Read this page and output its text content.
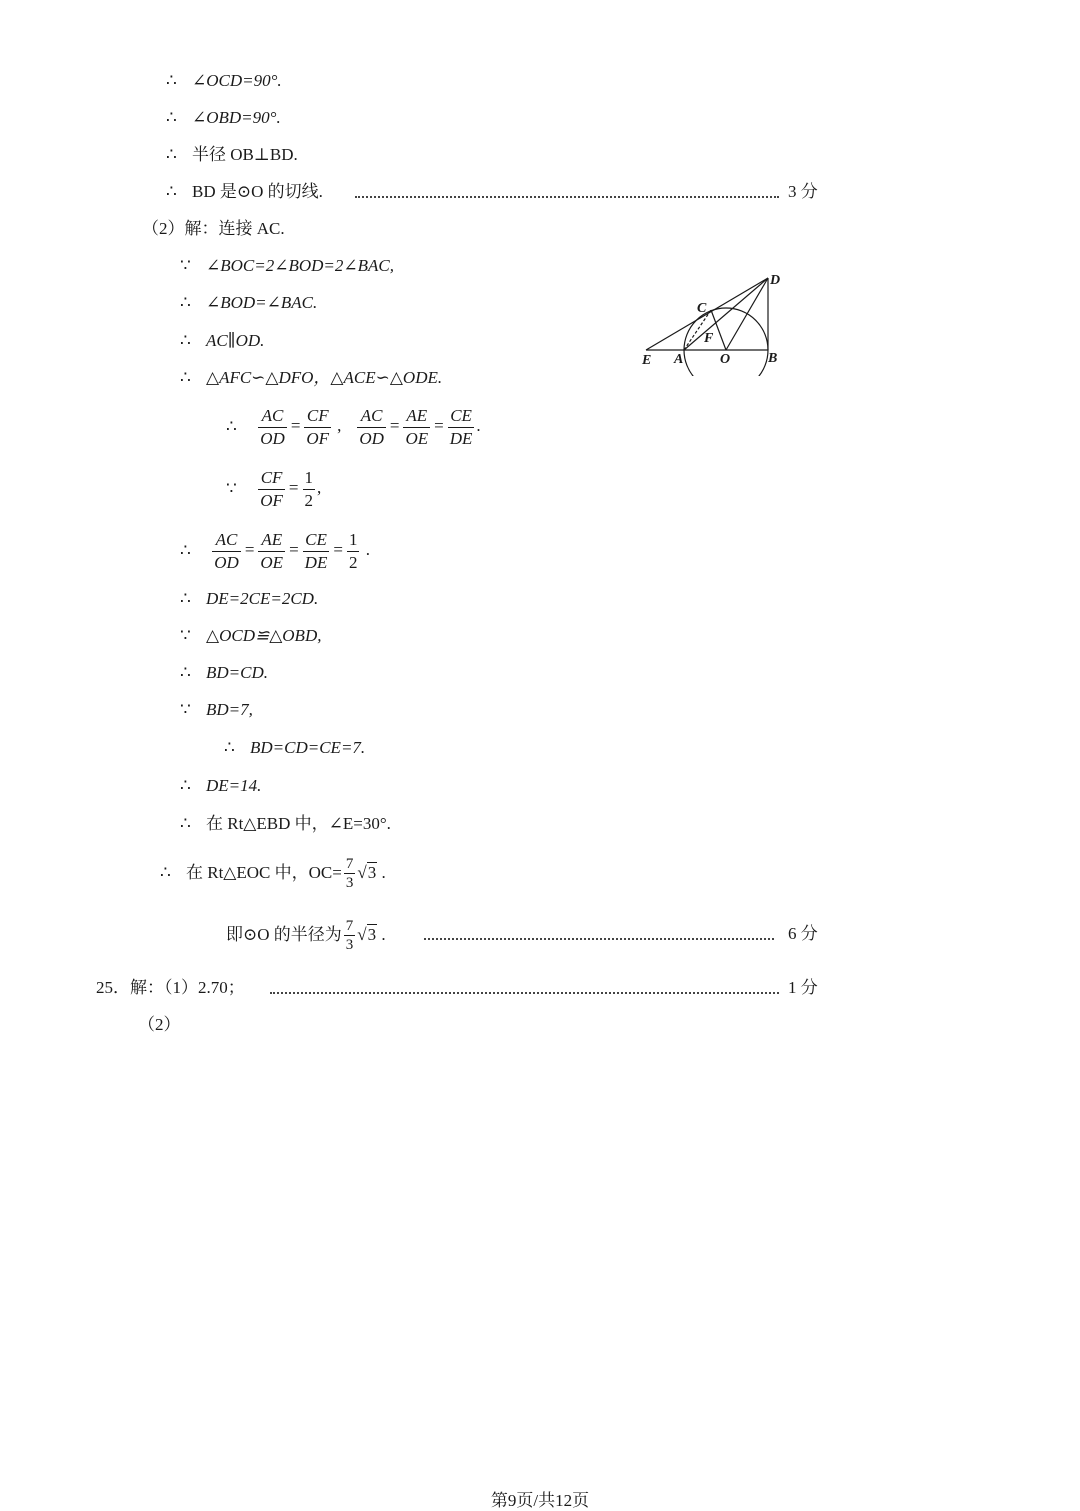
∴ ∠OCD=90°.
∴ ∠OBD=90°.
∴ 半径 OB⊥BD.
∴ BD 是⊙O 的切线.	3 分
（2）解：连接 AC.
∵ ∠BOC=2∠BOD=2∠BAC,
∴ ∠BOD=∠BAC.
∴ AC∥OD.
∴ △AFC∽△DFO，△ACE∽△ODE.
∴ $\frac{AC}{OD} = \frac{CF}{OF}$ , $\frac{AC}{OD} = \frac{AE}{OE} = \frac{CE}{DE}$ .
∵ $\frac{CF}{OF} = \frac{1}{2}$ ,
∴ $\frac{AC}{OD} = \frac{AE}{OE} = \frac{CE}{DE} = \frac{1}{2}$ .
∴ DE=2CE=2CD.
∵ △OCD≌△OBD,
∴ BD=CD.
∵ BD=7,
∴ BD=CD=CE=7.
∴ DE=14.
∴ 在 Rt△EBD 中，∠E=30°.
∴ 在 Rt△EOC 中，$OC= \frac{7}{3} √3$ .
即⊙O 的半径为 $\frac{7}{3} √3$ .	6 分
25．解：（1）2.70；	1 分
（2）
D
C
F
E A	O	B
第9页/共12页
